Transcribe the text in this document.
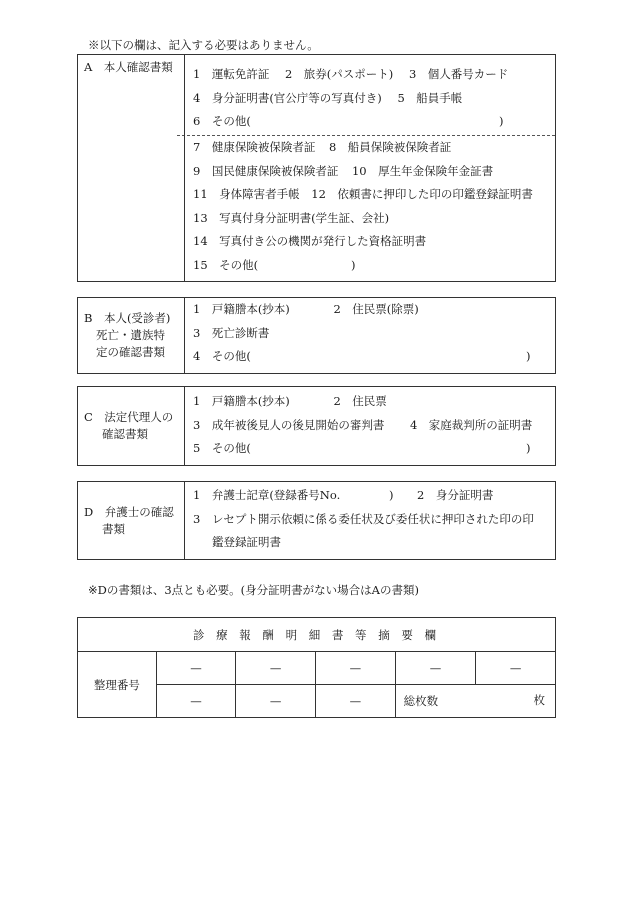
※以下の欄は、記入する必要はありません。
A　本人確認書類	1　運転免許証 2　旅券(パスポート) 3　個人番号カード
4　身分証明書(官公庁等の写真付き) 5　船員手帳
6　その他(	)
7　健康保険被保険者証 8　船員保険被保険者証
9　国民健康保険被保険者証 10　厚生年金保険年金証書
11　身体障害者手帳 12　依頼書に押印した印の印鑑登録証明書
13　写真付身分証明書(学生証、会社)
14　写真付き公の機関が発行した資格証明書
15　その他(	)
B　本人(受診者)
死亡・遺族特
定の確認書類

1　戸籍謄本(抄本)	2　住民票(除票)
3　死亡診断書
4　その他(	)
C　法定代理人の
確認書類

1　戸籍謄本(抄本)	2　住民票
3　成年被後見人の後見開始の審判書 4　家庭裁判所の証明書
5　その他(	)
D　弁護士の確認
書類

1　弁護士記章(登録番号No.	) 2　身分証明書
3　レセプト開示依頼に係る委任状及び委任状に押印された印の印
鑑登録証明書
※Dの書類は、3点とも必要。(身分証明書がない場合はAの書類)
診 療 報 酬 明 細 書 等 摘 要 欄					
整理番号	—	—	—	—	—
	—	—	—	総枚数 枚	
